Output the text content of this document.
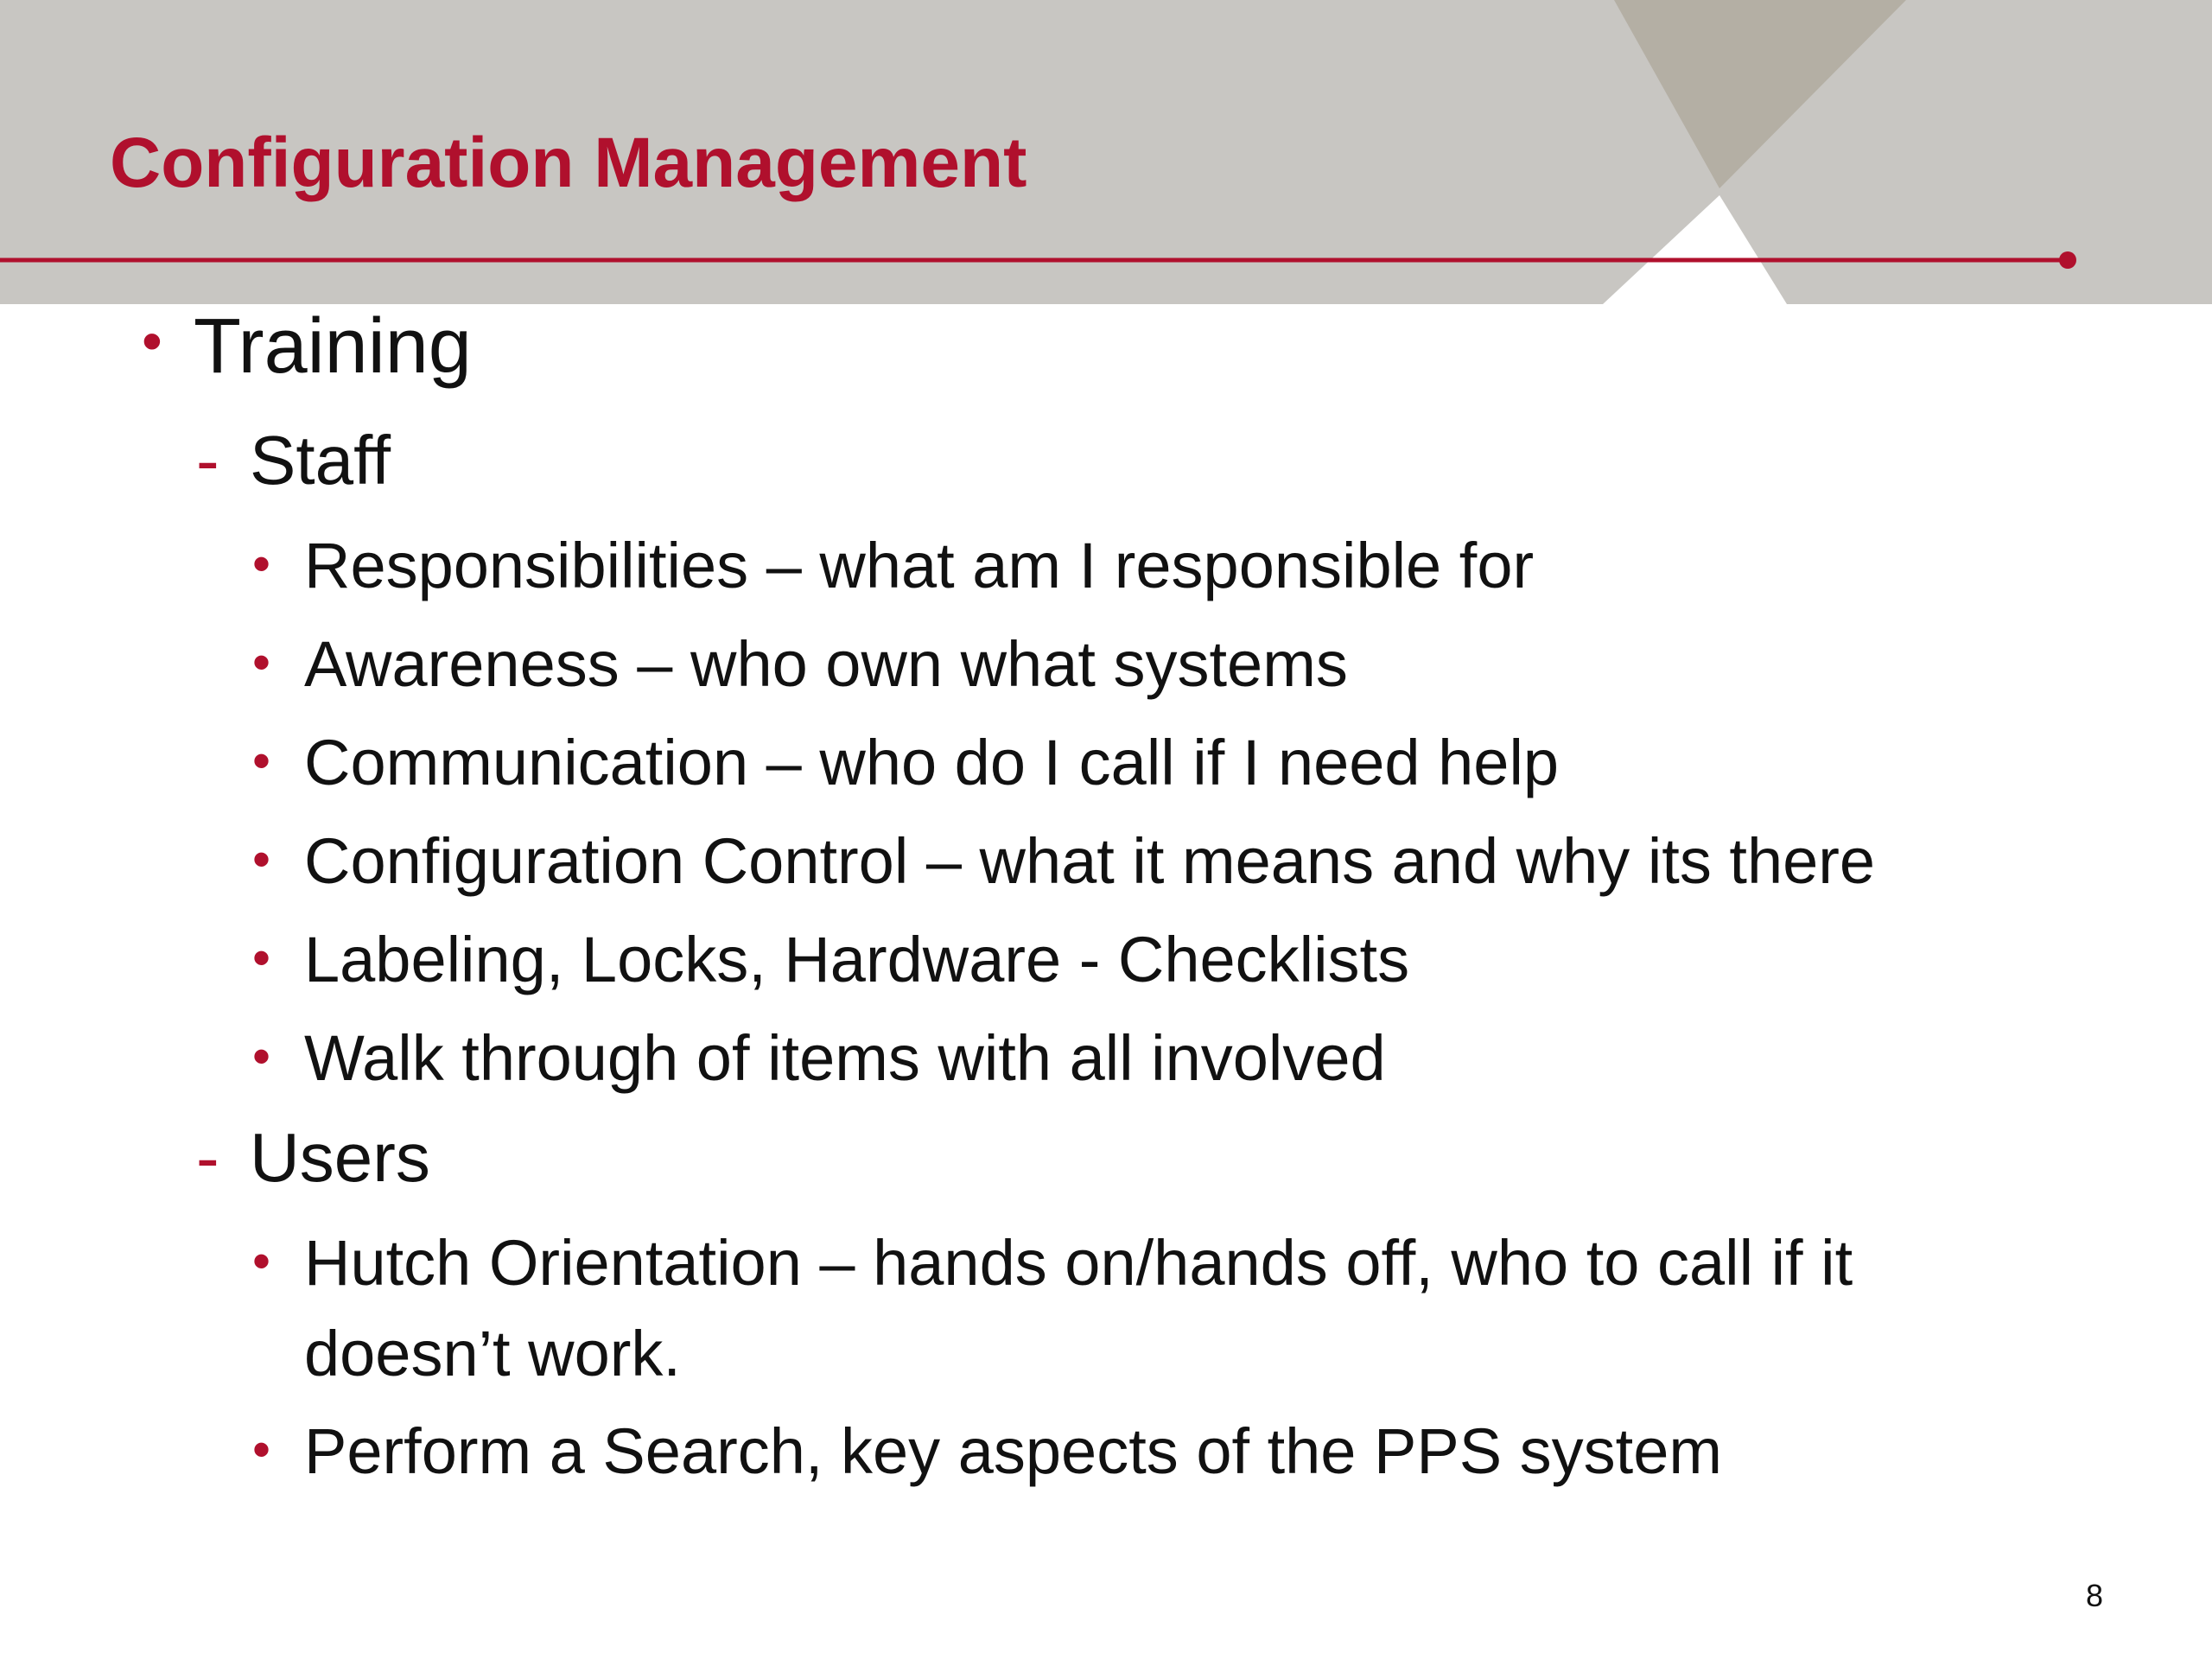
Configuration Management
• Training
- Staff
• Responsibilities – what am I responsible for
• Awareness – who own what systems
• Communication – who do I call if I need help
• Configuration Control – what it means and why its there
• Labeling, Locks, Hardware - Checklists
• Walk through of items with all involved
- Users
• Hutch Orientation – hands on/hands off, who to call if it
doesn’t work.
• Perform a Search, key aspects of the PPS system
8
